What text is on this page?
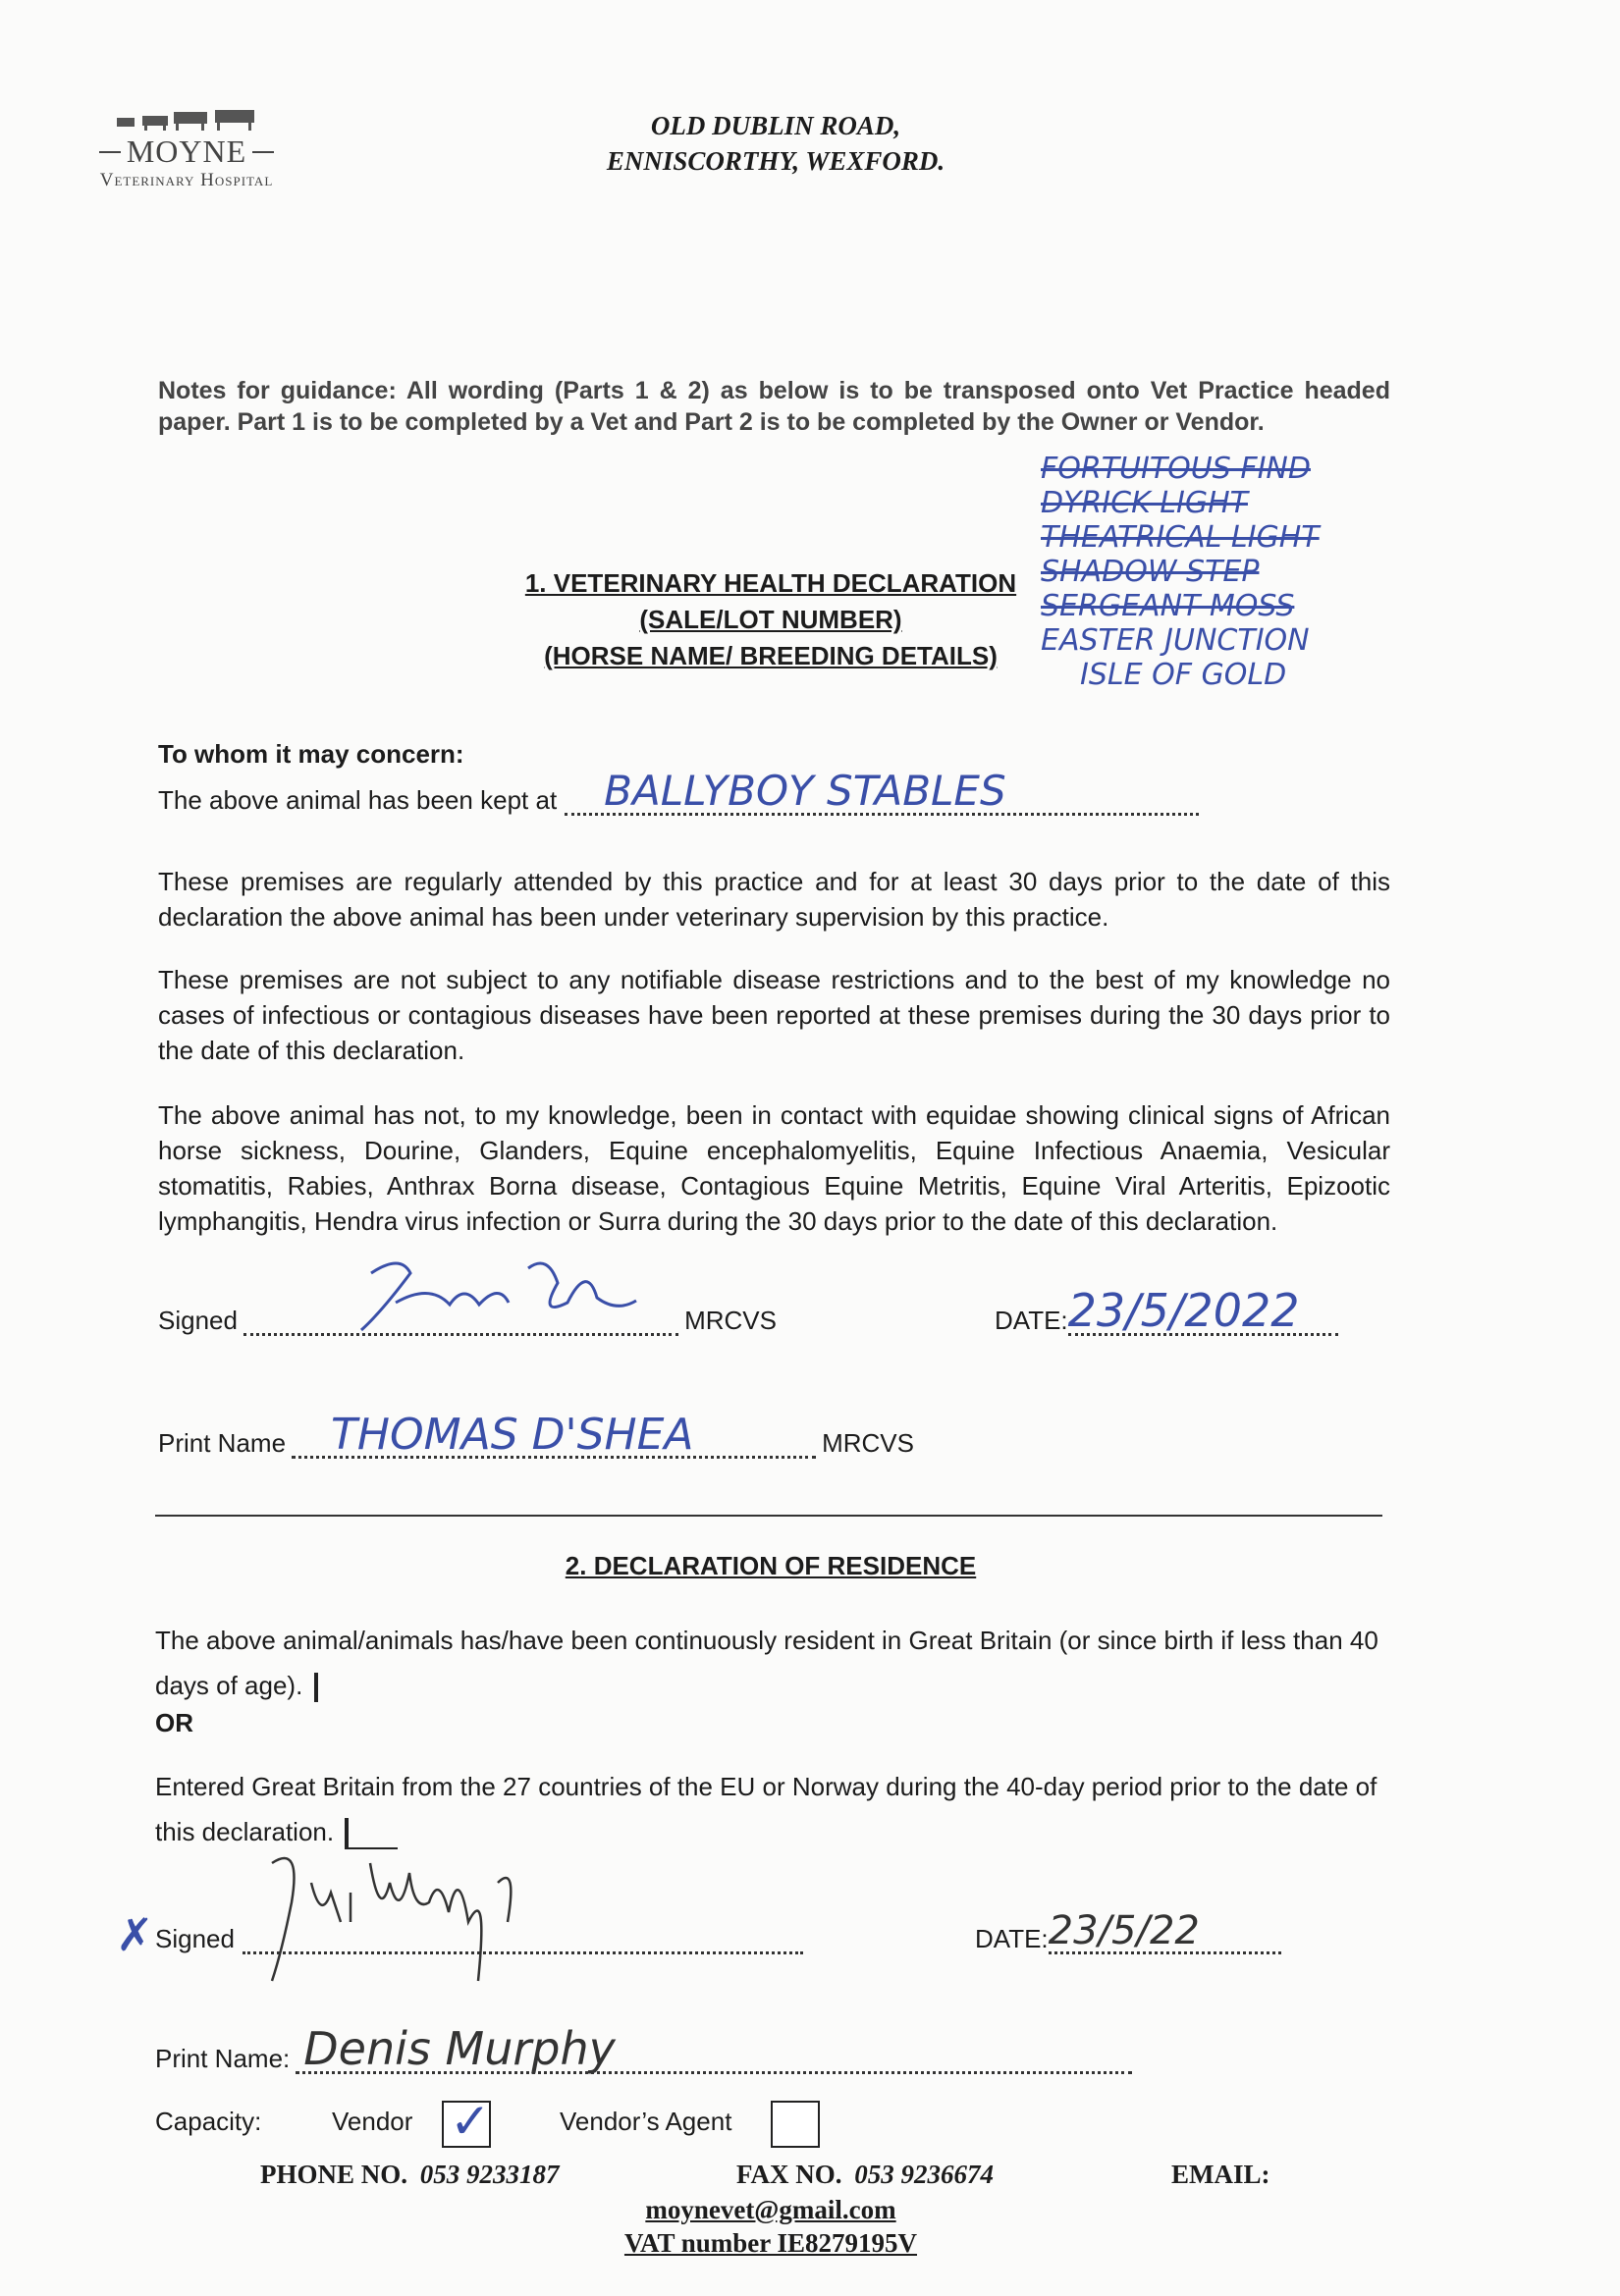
MOYNE
Veterinary Hospital
OLD DUBLIN ROAD,
ENNISCORTHY, WEXFORD.
Notes for guidance: All wording (Parts 1 & 2) as below is to be transposed onto Vet Practice headed paper. Part 1 is to be completed by a Vet and Part 2 is to be completed by the Owner or Vendor.
1. VETERINARY HEALTH DECLARATION
(SALE/LOT NUMBER)
(HORSE NAME/ BREEDING DETAILS)
FORTUITOUS FIND
DYRICK LIGHT
THEATRICAL LIGHT
SHADOW STEP
SERGEANT MOSS
EASTER JUNCTION
ISLE OF GOLD
To whom it may concern:
The above animal has been kept at BALLYBOY STABLES
These premises are regularly attended by this practice and for at least 30 days prior to the date of this declaration the above animal has been under veterinary supervision by this practice.
These premises are not subject to any notifiable disease restrictions and to the best of my knowledge no cases of infectious or contagious diseases have been reported at these premises during the 30 days prior to the date of this declaration.
The above animal has not, to my knowledge, been in contact with equidae showing clinical signs of African horse sickness, Dourine, Glanders, Equine encephalomyelitis, Equine Infectious Anaemia, Vesicular stomatitis, Rabies, Anthrax Borna disease, Contagious Equine Metritis, Equine Viral Arteritis, Epizootic lymphangitis, Hendra virus infection or Surra during the 30 days prior to the date of this declaration.
Signed	MRCVS	DATE: 23/5/2022
Print Name THOMAS D'SHEA	MRCVS
2. DECLARATION OF RESIDENCE
The above animal/animals has/have been continuously resident in Great Britain (or since birth if less than 40 days of age).
OR
Entered Great Britain from the 27 countries of the EU or Norway during the 40-day period prior to the date of this declaration.
✗ Signed	DATE: 23/5/22
Print Name: Denis Murphy
Capacity:	Vendor ✓	Vendor’s Agent
PHONE NO. 053 9233187	FAX NO. 053 9236674	EMAIL:
moynevet@gmail.com
VAT number IE8279195V
